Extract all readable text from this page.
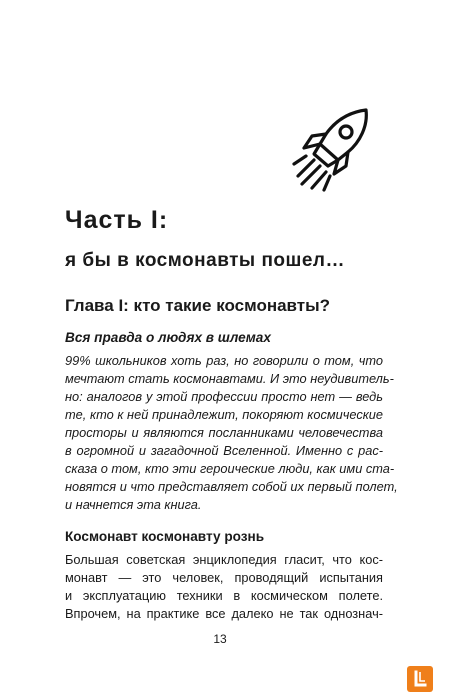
Часть I:
я бы в космонавты пошел…
Глава I: кто такие космонавты?
Вся правда о людях в шлемах

99% школьников хоть раз, но говорили о том, что

мечтают стать космонавтами. И это неудивитель-

но: аналогов у этой профессии просто нет — ведь

те, кто к ней принадлежит, покоряют космические

просторы и являются посланниками человечества

в огромной и загадочной Вселенной. Именно с рас-

сказа о том, кто эти героические люди, как ими ста-

новятся и что представляет собой их первый полет,

и начнется эта книга.

Космонавт космонавту рознь

Большая советская энциклопедия гласит, что кос-

монавт — это человек, проводящий испытания

и эксплуатацию техники в космическом полете.

Впрочем, на практике все далеко не так однознач-

13
